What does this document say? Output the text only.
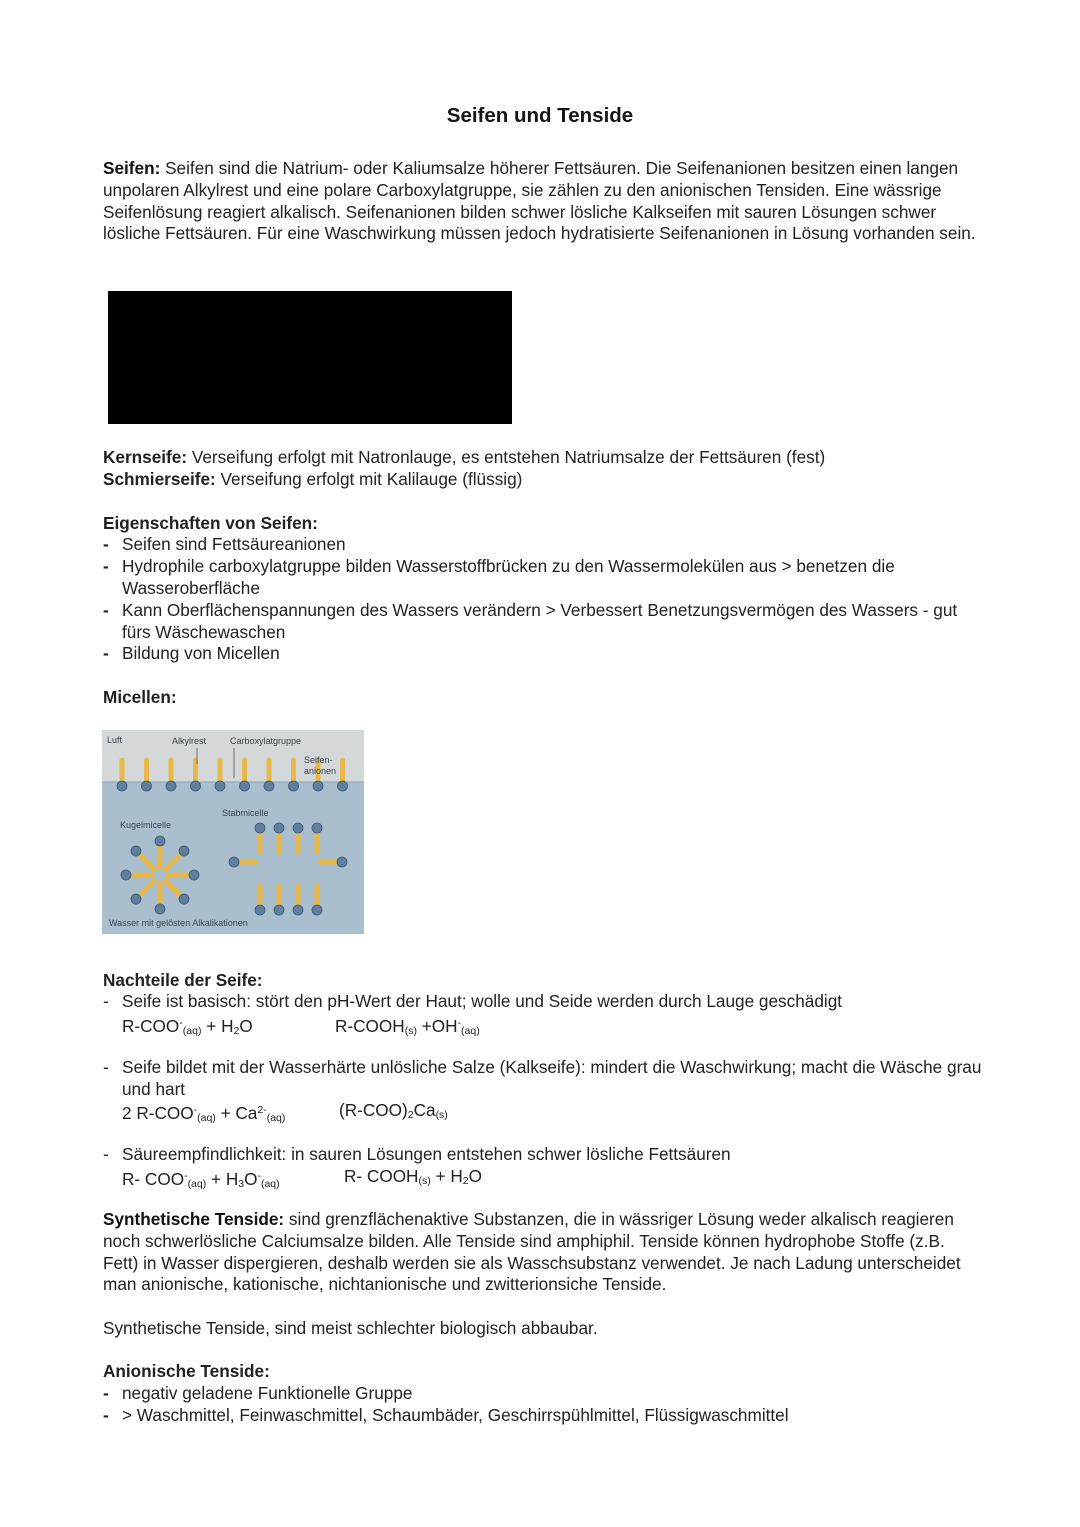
Seifen und Tenside
Seifen: Seifen sind die Natrium- oder Kaliumsalze höherer Fettsäuren. Die Seifenanionen besitzen einen langen unpolaren Alkylrest und eine polare Carboxylatgruppe, sie zählen zu den anionischen Tensiden. Eine wässrige Seifenlösung reagiert alkalisch. Seifenanionen bilden schwer lösliche Kalkseifen mit sauren Lösungen schwer lösliche Fettsäuren. Für eine Waschwirkung müssen jedoch hydratisierte Seifenanionen in Lösung vorhanden sein.
Kernseife: Verseifung erfolgt mit Natronlauge, es entstehen Natriumsalze der Fettsäuren (fest)
Schmierseife: Verseifung erfolgt mit Kalilauge (flüssig)
Eigenschaften von Seifen:
- Seifen sind Fettsäureanionen
- Hydrophile carboxylatgruppe bilden Wasserstoffbrücken zu den Wassermolekülen aus > benetzen die Wasseroberfläche
- Kann Oberflächenspannungen des Wassers verändern > Verbessert Benetzungsvermögen des Wassers - gut fürs Wäschewaschen
- Bildung von Micellen
Micellen:
Luft	Alkylrest	Carboxylatgruppe
Seifen-
anionen
Stabmicelle
Kugelmicelle
Wasser mit gelösten Alkalikationen
Nachteile der Seife:
- Seife ist basisch: stört den pH-Wert der Haut; wolle und Seide werden durch Lauge geschädigt
$R-COO^-_{(aq)} + H_2O$	$R-COOH_{(s)} +OH^-_{(aq)}$
- Seife bildet mit der Wasserhärte unlösliche Salze (Kalkseife): mindert die Waschwirkung; macht die Wäsche grau und hart
2 $R-COO^-_{(aq)} + Ca^{2-}_{(aq)}$	$(R-COO)_2Ca_{(s)}$
- Säureempfindlichkeit: in sauren Lösungen entstehen schwer lösliche Fettsäuren
R- $COO^-_{(aq)} + H_3O^-_{(aq)}$	R- $COOH_{(s)} + H_2O$
Synthetische Tenside: sind grenzflächenaktive Substanzen, die in wässriger Lösung weder alkalisch reagieren noch schwerlösliche Calciumsalze bilden. Alle Tenside sind amphiphil. Tenside können hydrophobe Stoffe (z.B. Fett) in Wasser dispergieren, deshalb werden sie als Wasschsubstanz verwendet. Je nach Ladung unterscheidet man anionische, kationische, nichtanionische und zwitterionsiche Tenside.
Synthetische Tenside, sind meist schlechter biologisch abbaubar.
Anionische Tenside:
- negativ geladene Funktionelle Gruppe
- > Waschmittel, Feinwaschmittel, Schaumbäder, Geschirrspühlmittel, Flüssigwaschmittel
